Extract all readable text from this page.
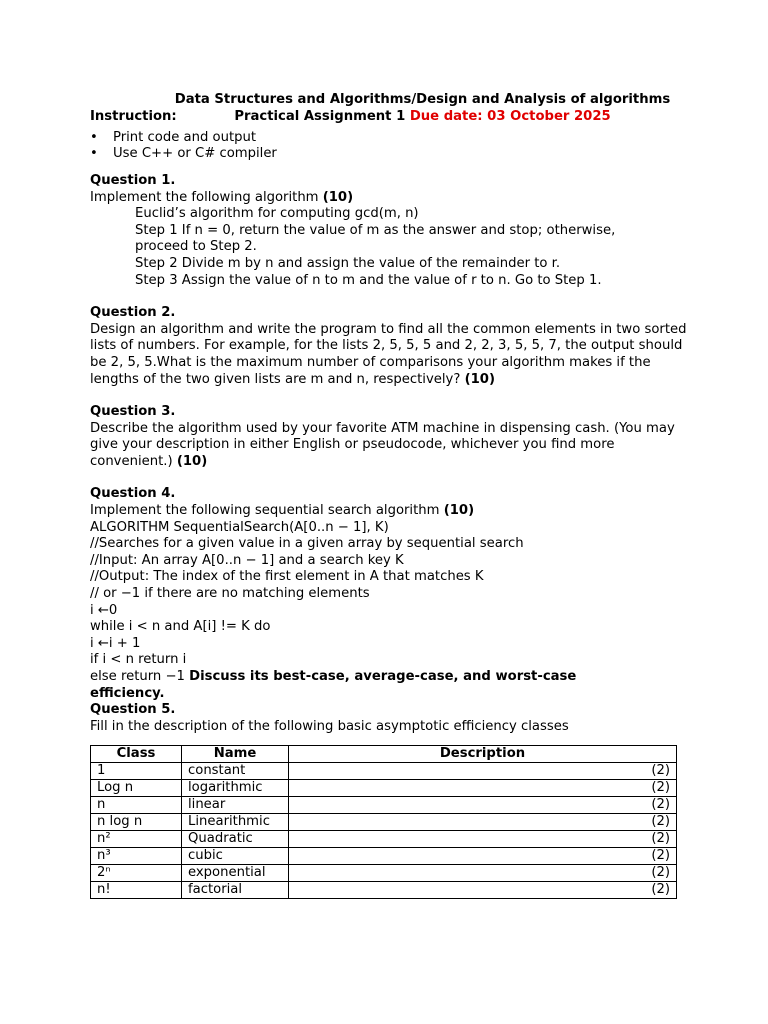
Data Structures and Algorithms/Design and Analysis of algorithms
Practical Assignment 1 Due date: 03 October 2025
Instruction:
• Print code and output
• Use C++ or C# compiler
Question 1.
Implement the following algorithm (10)
Euclid’s algorithm for computing gcd(m, n)
Step 1 If n = 0, return the value of m as the answer and stop; otherwise,
proceed to Step 2.
Step 2 Divide m by n and assign the value of the remainder to r.
Step 3 Assign the value of n to m and the value of r to n. Go to Step 1.
Question 2.
Design an algorithm and write the program to find all the common elements in two sorted lists of numbers. For example, for the lists 2, 5, 5, 5 and 2, 2, 3, 5, 5, 7, the output should be 2, 5, 5.What is the maximum number of comparisons your algorithm makes if the lengths of the two given lists are m and n, respectively? (10)
Question 3.
Describe the algorithm used by your favorite ATM machine in dispensing cash. (You may give your description in either English or pseudocode, whichever you find more convenient.) (10)
Question 4.
Implement the following sequential search algorithm (10)
ALGORITHM SequentialSearch(A[0..n − 1], K)
//Searches for a given value in a given array by sequential search
//Input: An array A[0..n − 1] and a search key K
//Output: The index of the first element in A that matches K
// or −1 if there are no matching elements
i ←0
while i < n and A[i] != K do
i ←i + 1
if i < n return i
else return −1 Discuss its best-case, average-case, and worst-case efficiency.
Question 5.
Fill in the description of the following basic asymptotic efficiency classes
Class	Name	Description
1	constant	(2)
Log n	logarithmic	(2)
n	linear	(2)
n log n	Linearithmic	(2)
n²	Quadratic	(2)
n³	cubic	(2)
2ⁿ	exponential	(2)
n!	factorial	(2)
